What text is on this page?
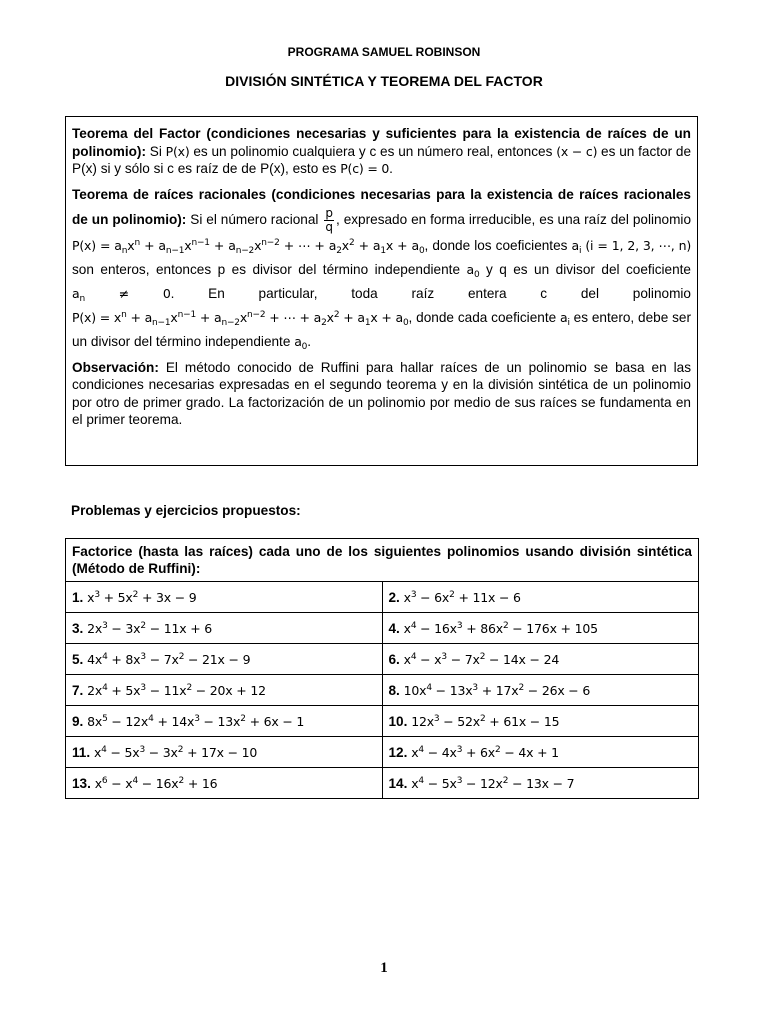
PROGRAMA SAMUEL ROBINSON
DIVISIÓN SINTÉTICA Y TEOREMA DEL FACTOR

Teorema del Factor (condiciones necesarias y suficientes para la existencia de raíces de un polinomio): Si P(x) es un polinomio cualquiera y c es un número real, entonces (x − c) es un factor de P(x) si y sólo si c es raíz de de P(x), esto es P(c) = 0.

Teorema de raíces racionales (condiciones necesarias para la existencia de raíces racionales de un polinomio): Si el número racional $\frac{p}{q}$ , expresado en forma irreducible, es una raíz del polinomio $P(x) = a_nx^n + a_{n-1}x^{n-1} + a_{n-2}x^{n-2}$ + ⋯ + $a_2x^2 + a_1x + a_0$, donde los coeficientes $a_i$ (i = 1, 2, 3, ⋯, n) son enteros, entonces p es divisor del término independiente $a_0$ y q es un divisor del coeficiente $a_n$	≠ 0. En particular, toda raíz entera c del polinomio $P(x) = x^n + a_{n-1}x^{n-1} + a_{n-2}x^{n-2}$ + ⋯ + $a_2x^2 + a_1x + a_0$, donde cada coeficiente $a_i$ es entero, debe ser un divisor del término independiente $a_0$.

Observación: El método conocido de Ruffini para hallar raíces de un polinomio se basa en las condiciones necesarias expresadas en el segundo teorema y en la división sintética de un polinomio por otro de primer grado. La factorización de un polinomio por medio de sus raíces se fundamenta en el primer teorema.

Problemas y ejercicios propuestos:
Factorice (hasta las raíces) cada uno de los siguientes polinomios usando división sintética (Método de Ruffini):	
1. $x^3 + 5x^2 + 3x - 9$	2. $x^3 - 6x^2 + 11x - 6$
3. $2x^3 - 3x^2 - 11x + 6$	4. $x^4 - 16x^3 + 86x^2 - 176x + 105$
5. $4x^4 + 8x^3 - 7x^2 - 21x - 9$	6. $x^4 - x^3 - 7x^2 - 14x - 24$
7. $2x^4 + 5x^3 - 11x^2 - 20x + 12$	8. $10x^4 - 13x^3 + 17x^2 - 26x - 6$
9. $8x^5 - 12x^4 + 14x^3 - 13x^2 + 6x - 1$	10. $12x^3 - 52x^2 + 61x - 15$
11. $x^4 - 5x^3 - 3x^2 + 17x - 10$	12. $x^4 - 4x^3 + 6x^2 - 4x + 1$
13. $x^6 - x^4 - 16x^2 + 16$	14. $x^4 - 5x^3 - 12x^2 - 13x - 7$
1
